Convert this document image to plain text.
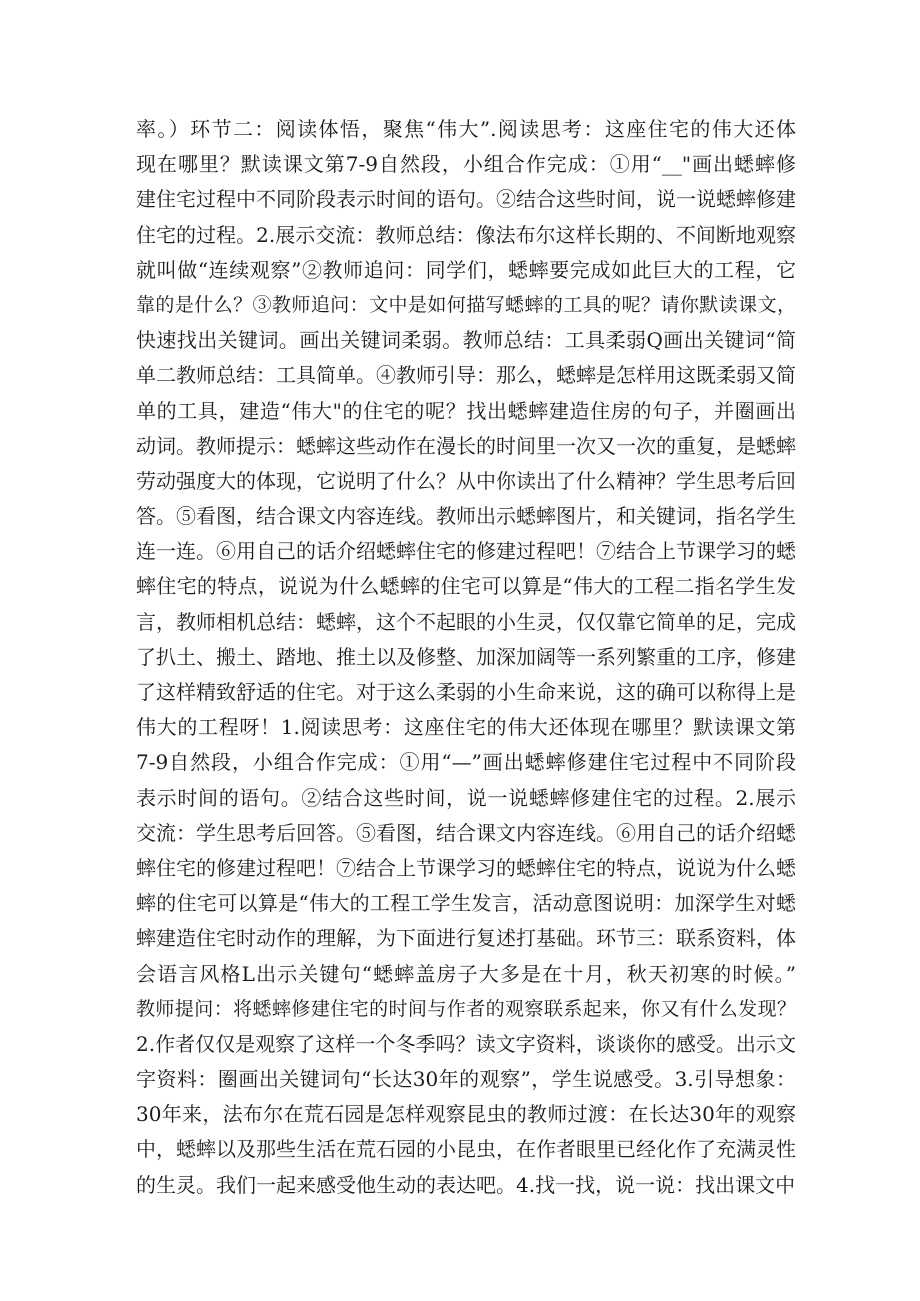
率。）环节二：阅读体悟，聚焦“伟大”.阅读思考：这座住宅的伟大还体
现在哪里？默读课文第7-9自然段，小组合作完成：①用“__"画出蟋蟀修
建住宅过程中不同阶段表示时间的语句。②结合这些时间，说一说蟋蟀修建
住宅的过程。2.展示交流：教师总结：像法布尔这样长期的、不间断地观察
就叫做“连续观察”②教师追问：同学们，蟋蟀要完成如此巨大的工程，它
靠的是什么？③教师追问：文中是如何描写蟋蟀的工具的呢？请你默读课文，
快速找出关键词。画出关键词柔弱。教师总结：工具柔弱Q画出关键词“简
单二教师总结：工具简单。④教师引导：那么，蟋蟀是怎样用这既柔弱又简
单的工具，建造“伟大"的住宅的呢？找出蟋蟀建造住房的句子，并圈画出
动词。教师提示：蟋蟀这些动作在漫长的时间里一次又一次的重复，是蟋蟀
劳动强度大的体现，它说明了什么？从中你读出了什么精神？学生思考后回
答。⑤看图，结合课文内容连线。教师出示蟋蟀图片，和关键词，指名学生
连一连。⑥用自己的话介绍蟋蟀住宅的修建过程吧！⑦结合上节课学习的蟋
蟀住宅的特点，说说为什么蟋蟀的住宅可以算是“伟大的工程二指名学生发
言，教师相机总结：蟋蟀，这个不起眼的小生灵，仅仅靠它简单的足，完成
了扒土、搬土、踏地、推土以及修整、加深加阔等一系列繁重的工序，修建
了这样精致舒适的住宅。对于这么柔弱的小生命来说，这的确可以称得上是
伟大的工程呀！1.阅读思考：这座住宅的伟大还体现在哪里？默读课文第
7-9自然段，小组合作完成：①用“—”画出蟋蟀修建住宅过程中不同阶段
表示时间的语句。②结合这些时间，说一说蟋蟀修建住宅的过程。2.展示
交流：学生思考后回答。⑤看图，结合课文内容连线。⑥用自己的话介绍蟋
蟀住宅的修建过程吧！⑦结合上节课学习的蟋蟀住宅的特点，说说为什么蟋
蟀的住宅可以算是“伟大的工程工学生发言，活动意图说明：加深学生对蟋
蟀建造住宅时动作的理解，为下面进行复述打基础。环节三：联系资料，体
会语言风格L出示关键句“蟋蟀盖房子大多是在十月，秋天初寒的时候。”
教师提问：将蟋蟀修建住宅的时间与作者的观察联系起来，你又有什么发现？
2.作者仅仅是观察了这样一个冬季吗？读文字资料，谈谈你的感受。出示文
字资料：圈画出关键词句“长达30年的观察”，学生说感受。3.引导想象：
30年来，法布尔在荒石园是怎样观察昆虫的教师过渡：在长达30年的观察
中，蟋蟀以及那些生活在荒石园的小昆虫，在作者眼里已经化作了充满灵性
的生灵。我们一起来感受他生动的表达吧。4.找一找，说一说：找出课文中
